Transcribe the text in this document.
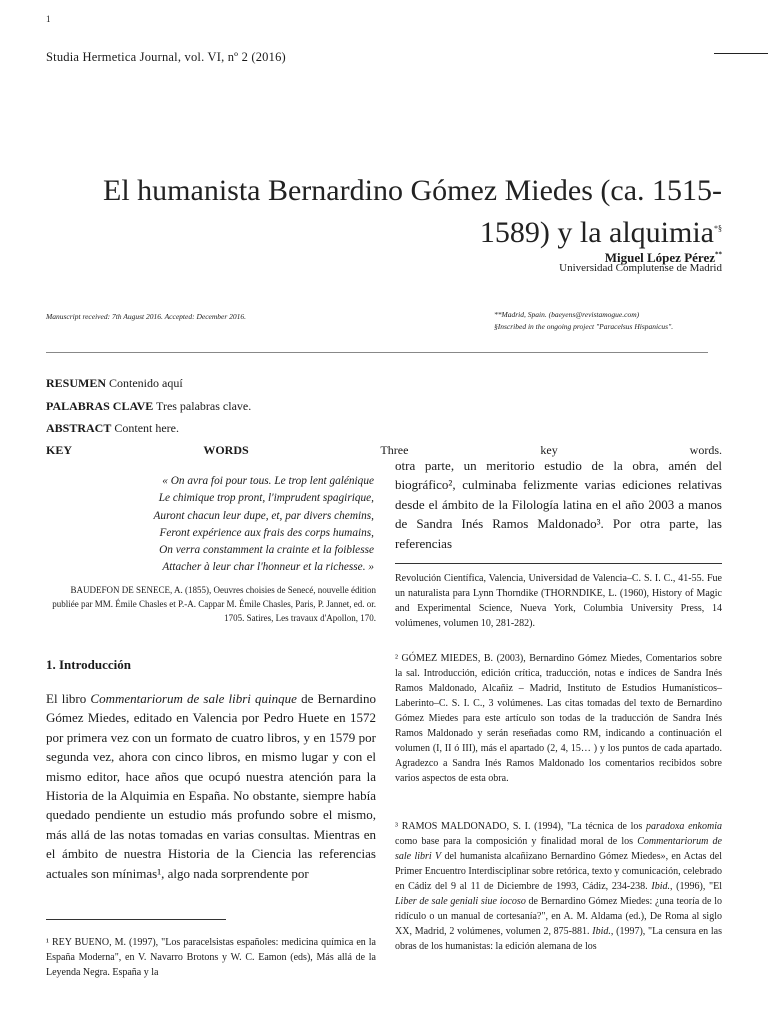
1
Studia Hermetica Journal, vol. VI, nº 2 (2016)
El humanista Bernardino Gómez Miedes (ca. 1515-1589) y la alquimia*§
Miguel López Pérez**
Universidad Complutense de Madrid
Manuscript received: 7th August 2016. Accepted: December 2016.	**Madrid, Spain. (baeyens@revistamogue.com)
§Inscribed in the ongoing project "Paracelsus Hispanicus".
RESUMEN Contenido aquí
PALABRAS CLAVE Tres palabras clave.
ABSTRACT Content here.
KEY WORDS Three key words.
« On avra foi pour tous. Le trop lent galénique
Le chimique trop pront, l'imprudent spagirique,
Auront chacun leur dupe, et, par divers chemins,
Feront expérience aux frais des corps humains,
On verra constamment la crainte et la foiblesse
Attacher à leur char l'honneur et la richesse. »
BAUDEFON DE SENECE, A. (1855), Oeuvres choisies de Senecé, nouvelle édition publiée par MM. Émile Chasles et P.-A. Cappar M. Émile Chasles, Paris, P. Jannet, ed. or. 1705. Satires, Les travaux d'Apollon, 170.
1. Introducción
El libro Commentariorum de sale libri quinque de Bernardino Gómez Miedes, editado en Valencia por Pedro Huete en 1572 por primera vez con un formato de cuatro libros, y en 1579 por segunda vez, ahora con cinco libros, en mismo lugar y con el mismo editor, hace años que ocupó nuestra atención para la Historia de la Alquimia en España. No obstante, siempre había quedado pendiente un estudio más profundo sobre el mismo, más allá de las notas tomadas en varias consultas. Mientras en el ámbito de nuestra Historia de la Ciencia las referencias actuales son mínimas¹, algo nada sorprendente por
¹ REY BUENO, M. (1997), "Los paracelsistas españoles: medicina química en la España Moderna", en V. Navarro Brotons y W. C. Eamon (eds), Más allá de la Leyenda Negra. España y la
otra parte, un meritorio estudio de la obra, amén del biográfico², culminaba felizmente varias ediciones relativas desde el ámbito de la Filología latina en el año 2003 a manos de Sandra Inés Ramos Maldonado³. Por otra parte, las referencias
Revolución Científica, Valencia, Universidad de Valencia–C. S. I. C., 41-55. Fue un naturalista para Lynn Thorndike (THORNDIKE, L. (1960), History of Magic and Experimental Science, Nueva York, Columbia University Press, 14 volúmenes, volumen 10, 281-282).
² GÓMEZ MIEDES, B. (2003), Bernardino Gómez Miedes, Comentarios sobre la sal. Introducción, edición crítica, traducción, notas e índices de Sandra Inés Ramos Maldonado, Alcañiz – Madrid, Instituto de Estudios Humanísticos–Laberinto–C. S. I. C., 3 volúmenes. Las citas tomadas del texto de Bernardino Gómez Miedes para este artículo son todas de la traducción de Sandra Inés Ramos Maldonado y serán reseñadas como RM, indicando a continuación el volumen (I, II ó III), más el apartado (2, 4, 15… ) y los puntos de cada apartado. Agradezco a Sandra Inés Ramos Maldonado los comentarios recibidos sobre varios aspectos de esta obra.
³ RAMOS MALDONADO, S. I. (1994), "La técnica de los paradoxa enkomia como base para la composición y finalidad moral de los Commentariorum de sale libri V del humanista alcañizano Bernardino Gómez Miedes», en Actas del Primer Encuentro Interdisciplinar sobre retórica, texto y comunicación, celebrado en Cádiz del 9 al 11 de Diciembre de 1993, Cádiz, 234-238. Ibid., (1996), "El Liber de sale geniali siue iocoso de Bernardino Gómez Miedes: ¿una teoría de lo ridículo o un manual de cortesanía?", en A. M. Aldama (ed.), De Roma al siglo XX, Madrid, 2 volúmenes, volumen 2, 875-881. Ibid., (1997), "La censura en las obras de los humanistas: la edición alemana de los
